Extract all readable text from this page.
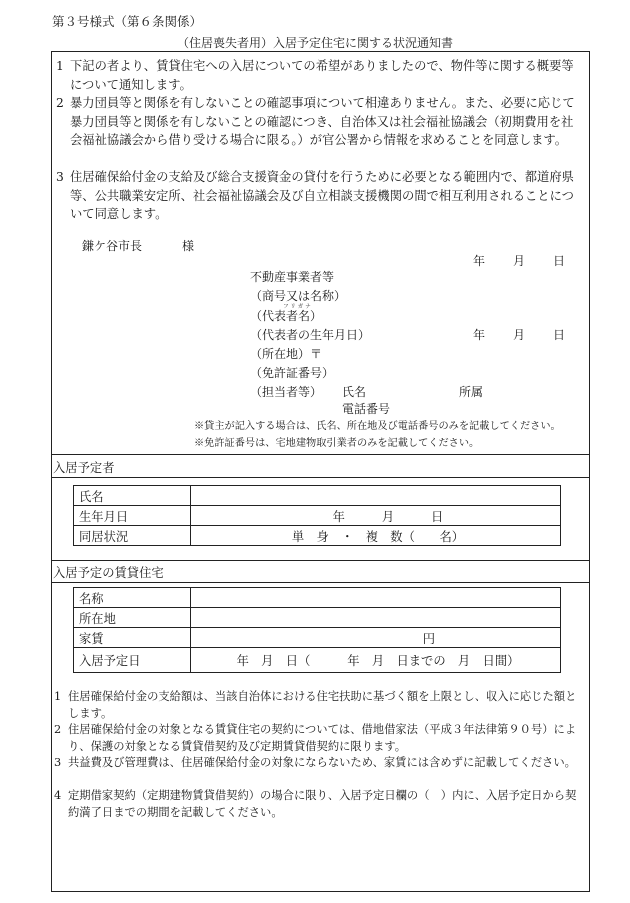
第３号様式（第６条関係）
（住居喪失者用）入居予定住宅に関する状況通知書
1 下記の者より、賃貸住宅への入居についての希望がありましたので、物件等に関する概要等について通知します。
2 暴力団員等と関係を有しないことの確認事項について相違ありません。また、必要に応じて暴力団員等と関係を有しないことの確認につき、自治体又は社会福祉協議会（初期費用を社会福祉協議会から借り受ける場合に限る。）が官公署から情報を求めることを同意します。
3 住居確保給付金の支給及び総合支援資金の貸付を行うために必要となる範囲内で、都道府県等、公共職業安定所、社会福祉協議会及び自立相談支援機関の間で相互利用されることについて同意します。
鎌ケ谷市長	様
年 月 日
不動産事業者等
（商号又は名称）
フリガナ
（代表者名）
（代表者の生年月日）	年 月 日
（所在地）〒
（免許証番号）
（担当者等） 氏名	所属
電話番号
※貸主が記入する場合は、氏名、所在地及び電話番号のみを記載してください。
※免許証番号は、宅地建物取引業者のみを記載してください。
入居予定者
氏名	
生年月日	年　　　月　　　日
同居状況	単　身　・　複　数（　　名）
入居予定の賃貸住宅
名称	
所在地	
家賃	円
入居予定日	年　月　日（　　　年　月　日までの　月　日間）
1 住居確保給付金の支給額は、当該自治体における住宅扶助に基づく額を上限とし、収入に応じた額とします。
2 住居確保給付金の対象となる賃貸住宅の契約については、借地借家法（平成３年法律第９０号）により、保護の対象となる賃貸借契約及び定期賃貸借契約に限ります。
3 共益費及び管理費は、住居確保給付金の対象にならないため、家賃には含めずに記載してください。
4 定期借家契約（定期建物賃貸借契約）の場合に限り、入居予定日欄の（　）内に、入居予定日から契約満了日までの期間を記載してください。
